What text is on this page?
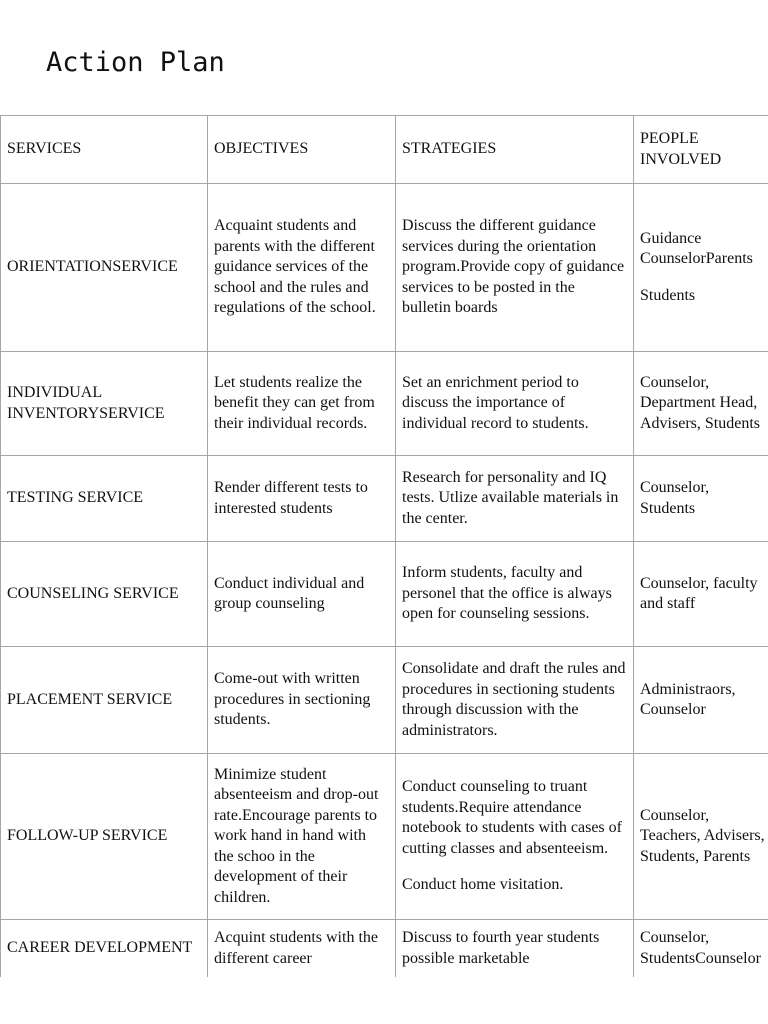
Action Plan
SERVICES	OBJECTIVES	STRATEGIES	PEOPLE
INVOLVED

ORIENTATIONSERVICE	Acquaint students and parents with the different guidance services of the school and the rules and regulations of the school.	Discuss the different guidance services during the orientation program.Provide copy of guidance services to be posted in the bulletin boards	Guidance CounselorParents
Students

INDIVIDUAL INVENTORYSERVICE	Let students realize the benefit they can get from their individual records.	Set an enrichment period to discuss the importance of individual record to students.	Counselor,
Department Head,
Advisers, Students

TESTING SERVICE	Render different tests to interested students	Research for personality and IQ tests. Utlize available materials in the center.	Counselor,
Students

COUNSELING SERVICE	Conduct individual and group counseling	Inform students, faculty and personel that the office is always open for counseling sessions.	Counselor, faculty
and staff

PLACEMENT SERVICE	Come-out with written procedures in sectioning students.	Consolidate and draft the rules and procedures in sectioning students through discussion with the administrators.	Administraors,
Counselor

FOLLOW-UP SERVICE	Minimize student absenteeism and drop-out rate.Encourage parents to work hand in hand with the schoo in the development of their children.	Conduct counseling to truant students.Require attendance notebook to students with cases of cutting classes and absenteeism.
Conduct home visitation.	Counselor,
Teachers, Advisers,
Students, Parents

CAREER DEVELOPMENT	Acquint students with the different career	Discuss to fourth year students possible marketable	Counselor,
StudentsCounselor
